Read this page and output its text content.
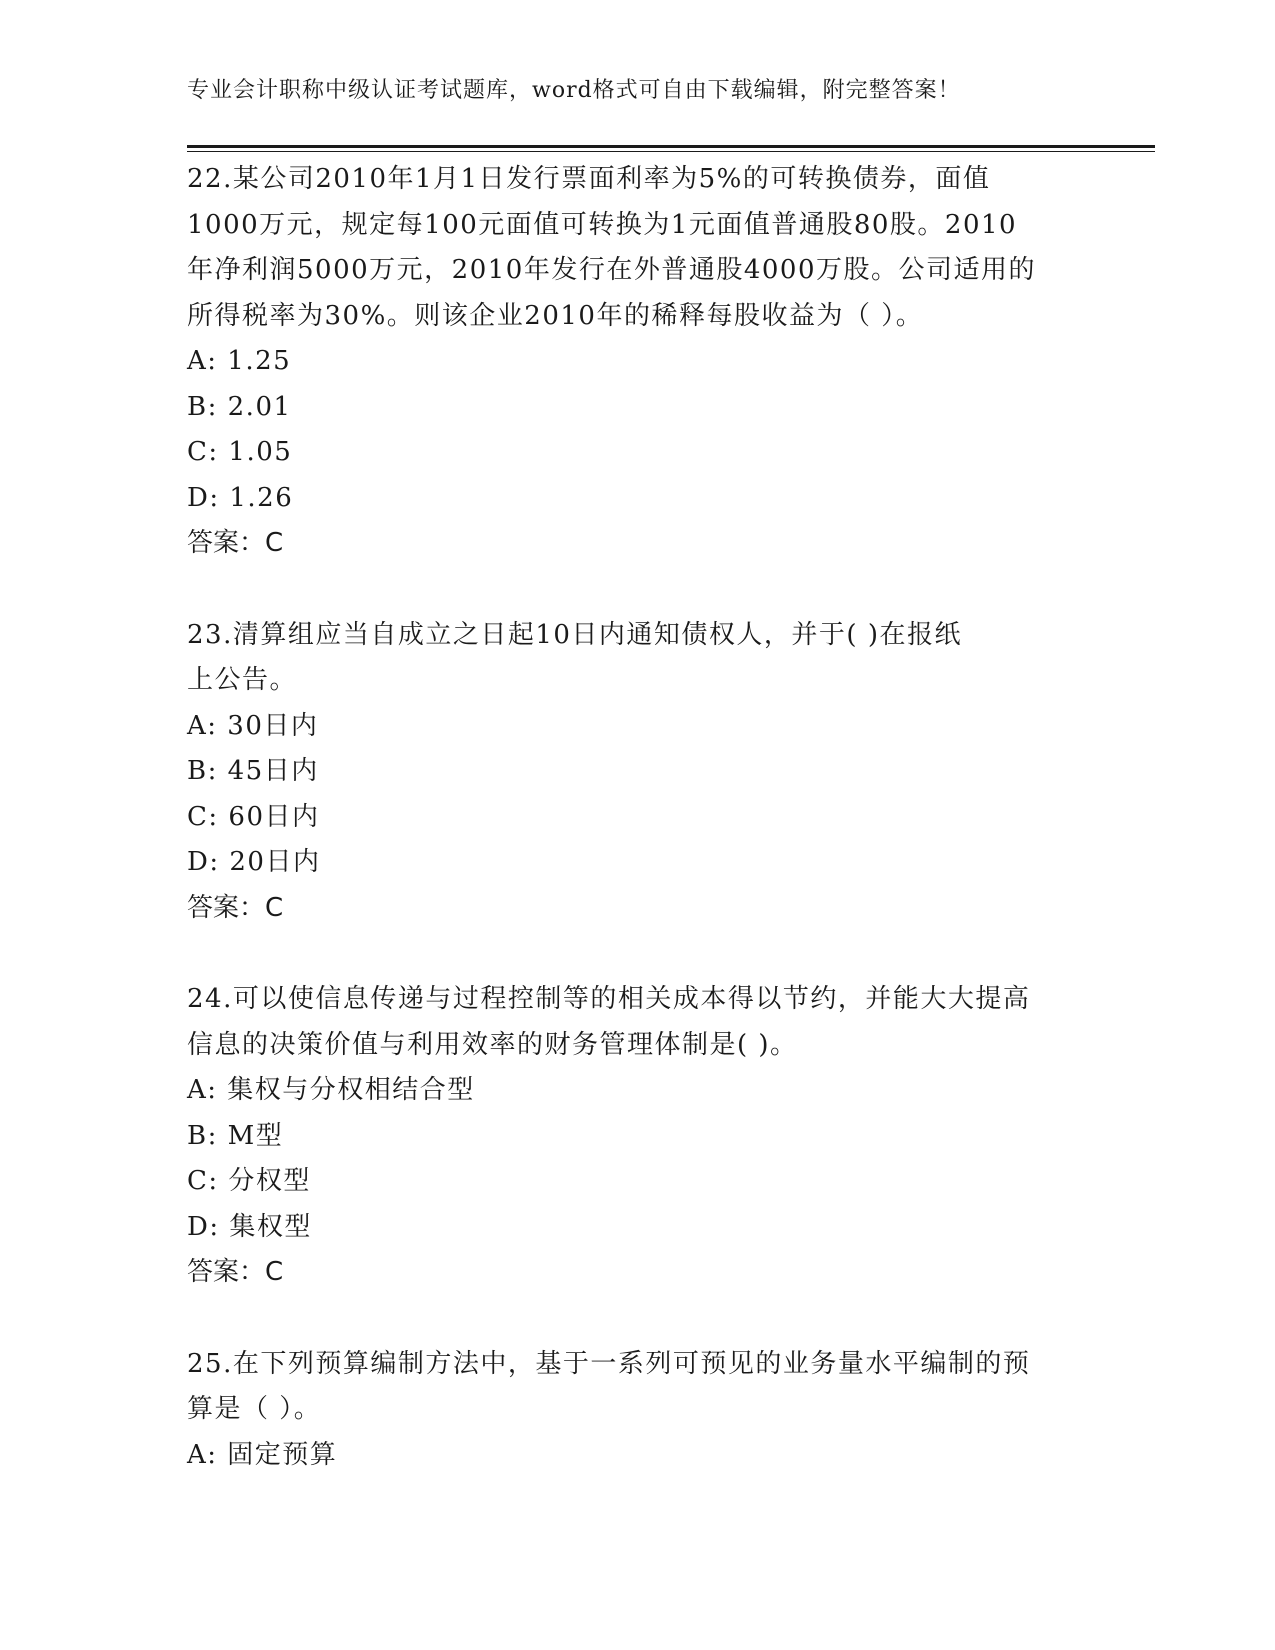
专业会计职称中级认证考试题库，word格式可自由下载编辑，附完整答案！
22.某公司2010年1月1日发行票面利率为5%的可转换债券，面值
1000万元，规定每100元面值可转换为1元面值普通股80股。2010
年净利润5000万元，2010年发行在外普通股4000万股。公司适用的
所得税率为30%。则该企业2010年的稀释每股收益为（ ）。
A: 1.25
B: 2.01
C: 1.05
D: 1.26
答案：C
23.清算组应当自成立之日起10日内通知债权人，并于( )在报纸
上公告。
A: 30日内
B: 45日内
C: 60日内
D: 20日内
答案：C
24.可以使信息传递与过程控制等的相关成本得以节约，并能大大提高
信息的决策价值与利用效率的财务管理体制是( )。
A: 集权与分权相结合型
B: M型
C: 分权型
D: 集权型
答案：C
25.在下列预算编制方法中，基于一系列可预见的业务量水平编制的预
算是（ ）。
A: 固定预算
